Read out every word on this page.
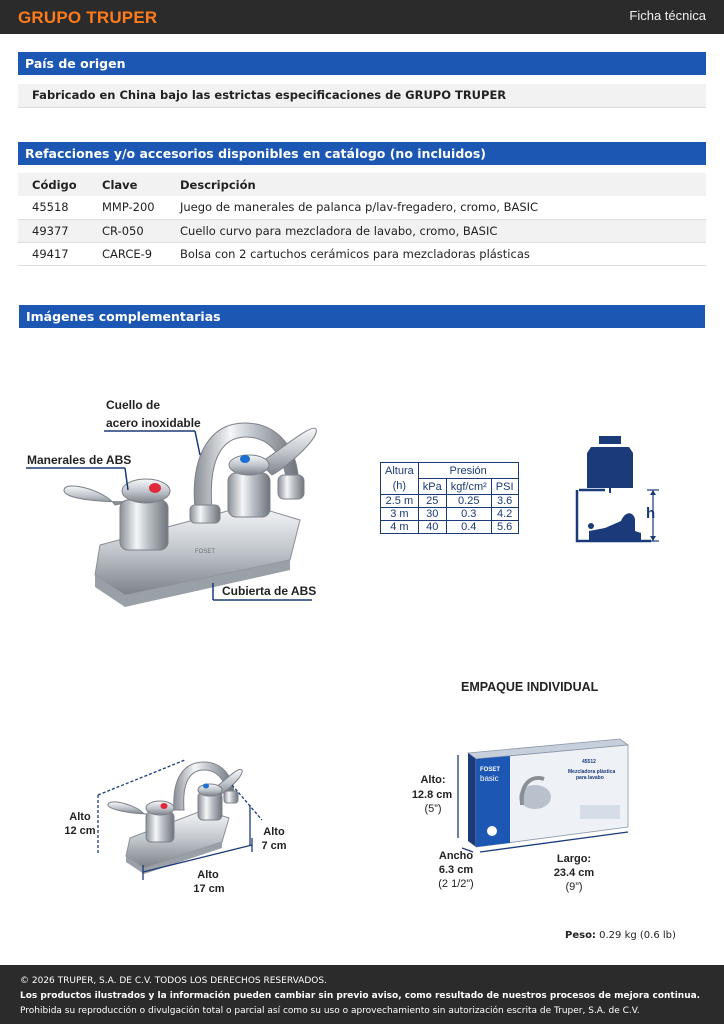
GRUPO TRUPER	Ficha técnica
País de origen
Fabricado en China bajo las estrictas especificaciones de GRUPO TRUPER
Refacciones y/o accesorios disponibles en catálogo (no incluidos)
Código	Clave	Descripción
45518	MMP-200	Juego de manerales de palanca p/lav-fregadero, cromo, BASIC
49377	CR-050	Cuello curvo para mezcladora de lavabo, cromo, BASIC
49417	CARCE-9	Bolsa con 2 cartuchos cerámicos para mezcladoras plásticas
Imágenes complementarias
FOSET
Cuello de
acero inoxidable
Manerales de ABS
Cubierta de ABS
Altura	Presión		
(h)	kPa	kgf/cm²	PSI
2.5 m	25	0.25	3.6
3 m	30	0.3	4.2
4 m	40	0.4	5.6
h
EMPAQUE INDIVIDUAL
Alto
12 cm	Alto
7 cm
Alto
17 cm
FOSET
basic
45512
Mezcladora plástica
para lavabo
Alto:
12.8 cm
(5”)
Ancho
6.3 cm
(2 1/2”)
Largo:
23.4 cm
(9”)
Peso: 0.29 kg (0.6 lb)
© 2026 TRUPER, S.A. DE C.V. TODOS LOS DERECHOS RESERVADOS.
Los productos ilustrados y la información pueden cambiar sin previo aviso, como resultado de nuestros procesos de mejora continua.
Prohibida su reproducción o divulgación total o parcial así como su uso o aprovechamiento sin autorización escrita de Truper, S.A. de C.V.
